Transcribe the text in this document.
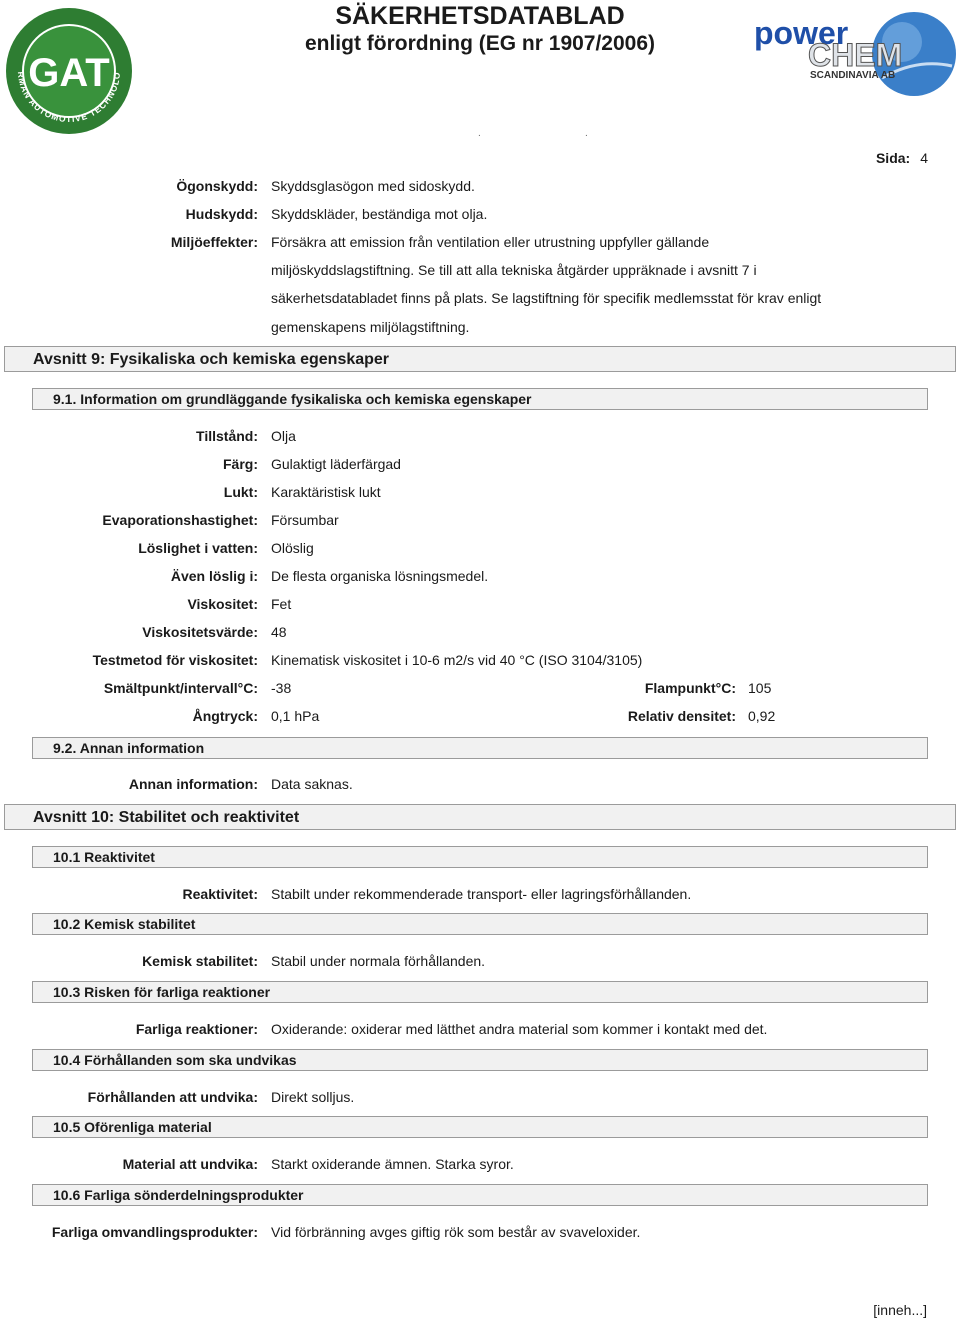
GAT
RMAN AUTOMOTIVE TECHNOLO
SÄKERHETSDATABLAD
enligt förordning (EG nr 1907/2006)	power
CHEM
SCANDINAVIA AB
.	.
Sida: 4
Ögonskydd: Skyddsglasögon med sidoskydd.
Hudskydd: Skyddskläder, beständiga mot olja.
Miljöeffekter: Försäkra att emission från ventilation eller utrustning uppfyller gällande miljöskyddslagstiftning. Se till att alla tekniska åtgärder uppräknade i avsnitt 7 i säkerhetsdatabladet finns på plats. Se lagstiftning för specifik medlemsstat för krav enligt gemenskapens miljölagstiftning.
Avsnitt 9: Fysikaliska och kemiska egenskaper
9.1. Information om grundläggande fysikaliska och kemiska egenskaper
Tillstånd: Olja
Färg: Gulaktigt läderfärgad
Lukt: Karaktäristisk lukt
Evaporationshastighet: Försumbar
Löslighet i vatten: Olöslig
Även löslig i: De flesta organiska lösningsmedel.
Viskositet: Fet
Viskositetsvärde: 48
Testmetod för viskositet: Kinematisk viskositet i 10-6 m2/s vid 40 °C (ISO 3104/3105)
Smältpunkt/intervall°C: -38
Ångtryck: 0,1 hPa
Flampunkt°C: 105
Relativ densitet: 0,92
9.2. Annan information
Annan information: Data saknas.
Avsnitt 10: Stabilitet och reaktivitet
10.1 Reaktivitet
Reaktivitet: Stabilt under rekommenderade transport- eller lagringsförhållanden.
10.2 Kemisk stabilitet
Kemisk stabilitet: Stabil under normala förhållanden.
10.3 Risken för farliga reaktioner
Farliga reaktioner: Oxiderande: oxiderar med lätthet andra material som kommer i kontakt med det.
10.4 Förhållanden som ska undvikas
Förhållanden att undvika: Direkt solljus.
10.5 Oförenliga material
Material att undvika: Starkt oxiderande ämnen. Starka syror.
10.6 Farliga sönderdelningsprodukter
Farliga omvandlingsprodukter: Vid förbränning avges giftig rök som består av svaveloxider.
[inneh...]
